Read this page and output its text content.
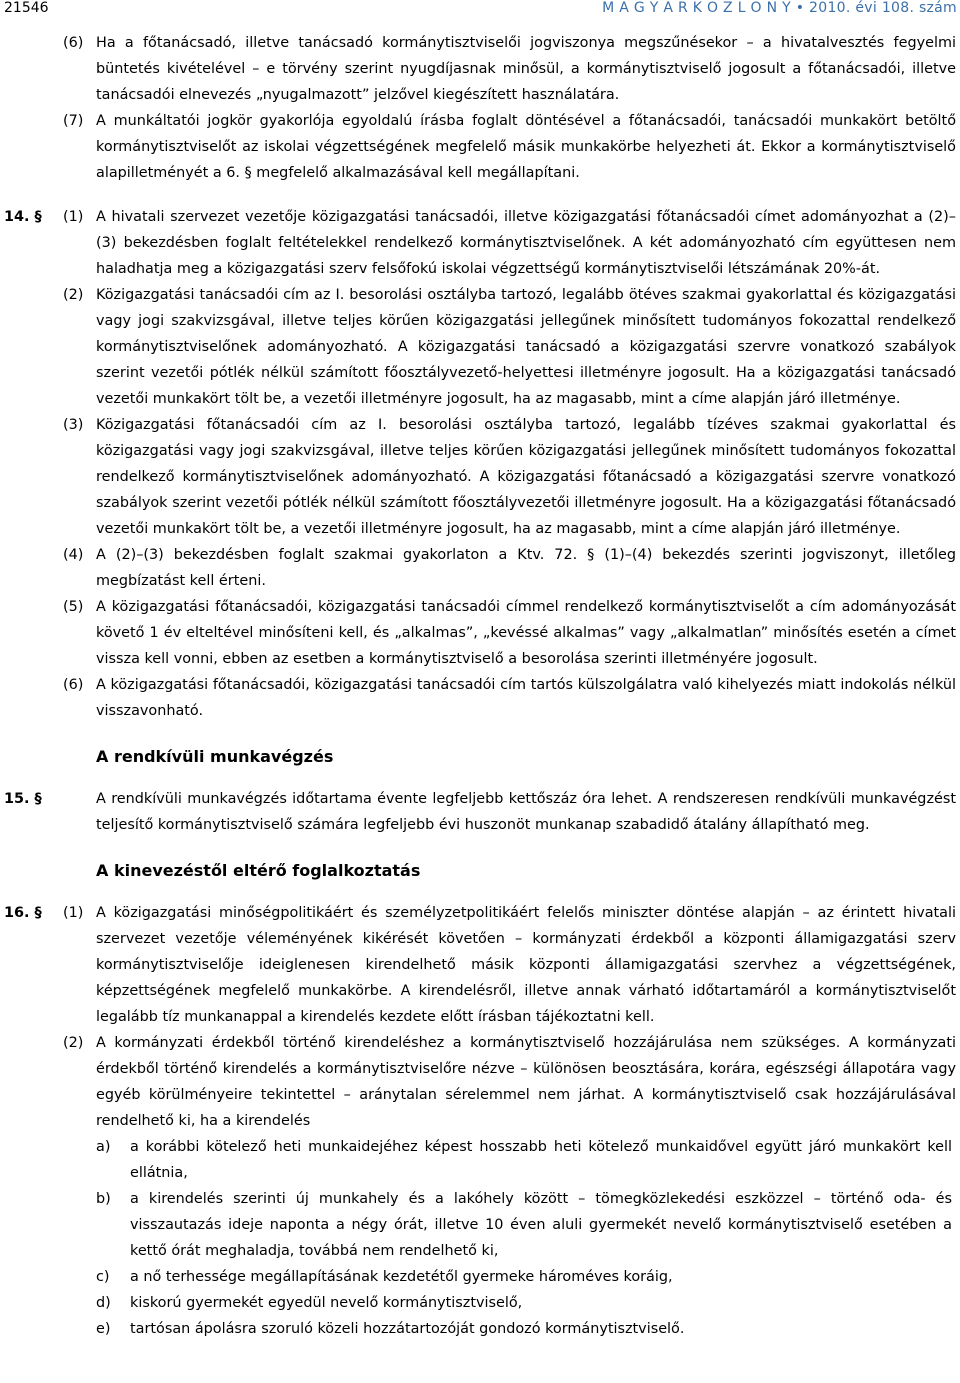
21546	M A G Y A R K Ö Z L Ö N Y • 2010. évi 108. szám
(6) Ha a főtanácsadó, illetve tanácsadó kormánytisztviselői jogviszonya megszűnésekor – a hivatalvesztés fegyelmi büntetés kivételével – e törvény szerint nyugdíjasnak minősül, a kormánytisztviselő jogosult a főtanácsadói, illetve tanácsadói elnevezés „nyugalmazott” jelzővel kiegészített használatára.
(7) A munkáltatói jogkör gyakorlója egyoldalú írásba foglalt döntésével a főtanácsadói, tanácsadói munkakört betöltő kormánytisztviselőt az iskolai végzettségének megfelelő másik munkakörbe helyezheti át. Ekkor a kormánytisztviselő alapilletményét a 6. § megfelelő alkalmazásával kell megállapítani.
14. §	(1) A hivatali szervezet vezetője közigazgatási tanácsadói, illetve közigazgatási főtanácsadói címet adományozhat a (2)–(3) bekezdésben foglalt feltételekkel rendelkező kormánytisztviselőnek. A két adományozható cím együttesen nem haladhatja meg a közigazgatási szerv felsőfokú iskolai végzettségű kormánytisztviselői létszámának 20%-át.
(2) Közigazgatási tanácsadói cím az I. besorolási osztályba tartozó, legalább ötéves szakmai gyakorlattal és közigazgatási vagy jogi szakvizsgával, illetve teljes körűen közigazgatási jellegűnek minősített tudományos fokozattal rendelkező kormánytisztviselőnek adományozható. A közigazgatási tanácsadó a közigazgatási szervre vonatkozó szabályok szerint vezetői pótlék nélkül számított főosztályvezető-helyettesi illetményre jogosult. Ha a közigazgatási tanácsadó vezetői munkakört tölt be, a vezetői illetményre jogosult, ha az magasabb, mint a címe alapján járó illetménye.
(3) Közigazgatási főtanácsadói cím az I. besorolási osztályba tartozó, legalább tízéves szakmai gyakorlattal és közigazgatási vagy jogi szakvizsgával, illetve teljes körűen közigazgatási jellegűnek minősített tudományos fokozattal rendelkező kormánytisztviselőnek adományozható. A közigazgatási főtanácsadó a közigazgatási szervre vonatkozó szabályok szerint vezetői pótlék nélkül számított főosztályvezetői illetményre jogosult. Ha a közigazgatási főtanácsadó vezetői munkakört tölt be, a vezetői illetményre jogosult, ha az magasabb, mint a címe alapján járó illetménye.
(4) A (2)–(3) bekezdésben foglalt szakmai gyakorlaton a Ktv. 72. § (1)–(4) bekezdés szerinti jogviszonyt, illetőleg megbízatást kell érteni.
(5) A közigazgatási főtanácsadói, közigazgatási tanácsadói címmel rendelkező kormánytisztviselőt a cím adományozását követő 1 év elteltével minősíteni kell, és „alkalmas”, „kevéssé alkalmas” vagy „alkalmatlan” minősítés esetén a címet vissza kell vonni, ebben az esetben a kormánytisztviselő a besorolása szerinti illetményére jogosult.
(6) A közigazgatási főtanácsadói, közigazgatási tanácsadói cím tartós külszolgálatra való kihelyezés miatt indokolás nélkül visszavonható.
A rendkívüli munkavégzés
15. §	A rendkívüli munkavégzés időtartama évente legfeljebb kettőszáz óra lehet. A rendszeresen rendkívüli munkavégzést teljesítő kormánytisztviselő számára legfeljebb évi huszonöt munkanap szabadidő átalány állapítható meg.
A kinevezéstől eltérő foglalkoztatás
16. §	(1) A közigazgatási minőségpolitikáért és személyzetpolitikáért felelős miniszter döntése alapján – az érintett hivatali szervezet vezetője véleményének kikérését követően – kormányzati érdekből a központi államigazgatási szerv kormánytisztviselője ideiglenesen kirendelhető másik központi államigazgatási szervhez a végzettségének, képzettségének megfelelő munkakörbe. A kirendelésről, illetve annak várható időtartamáról a kormánytisztviselőt legalább tíz munkanappal a kirendelés kezdete előtt írásban tájékoztatni kell.
(2) A kormányzati érdekből történő kirendeléshez a kormánytisztviselő hozzájárulása nem szükséges. A kormányzati érdekből történő kirendelés a kormánytisztviselőre nézve – különösen beosztására, korára, egészségi állapotára vagy egyéb körülményeire tekintettel – aránytalan sérelemmel nem járhat. A kormánytisztviselő csak hozzájárulásával rendelhető ki, ha a kirendelés
a)	a korábbi kötelező heti munkaidejéhez képest hosszabb heti kötelező munkaidővel együtt járó munkakört kell ellátnia,
b)	a kirendelés szerinti új munkahely és a lakóhely között – tömegközlekedési eszközzel – történő oda- és visszautazás ideje naponta a négy órát, illetve 10 éven aluli gyermekét nevelő kormánytisztviselő esetében a kettő órát meghaladja, továbbá nem rendelhető ki,
c)	a nő terhessége megállapításának kezdetétől gyermeke hároméves koráig,
d)	kiskorú gyermekét egyedül nevelő kormánytisztviselő,
e)	tartósan ápolásra szoruló közeli hozzátartozóját gondozó kormánytisztviselő.
